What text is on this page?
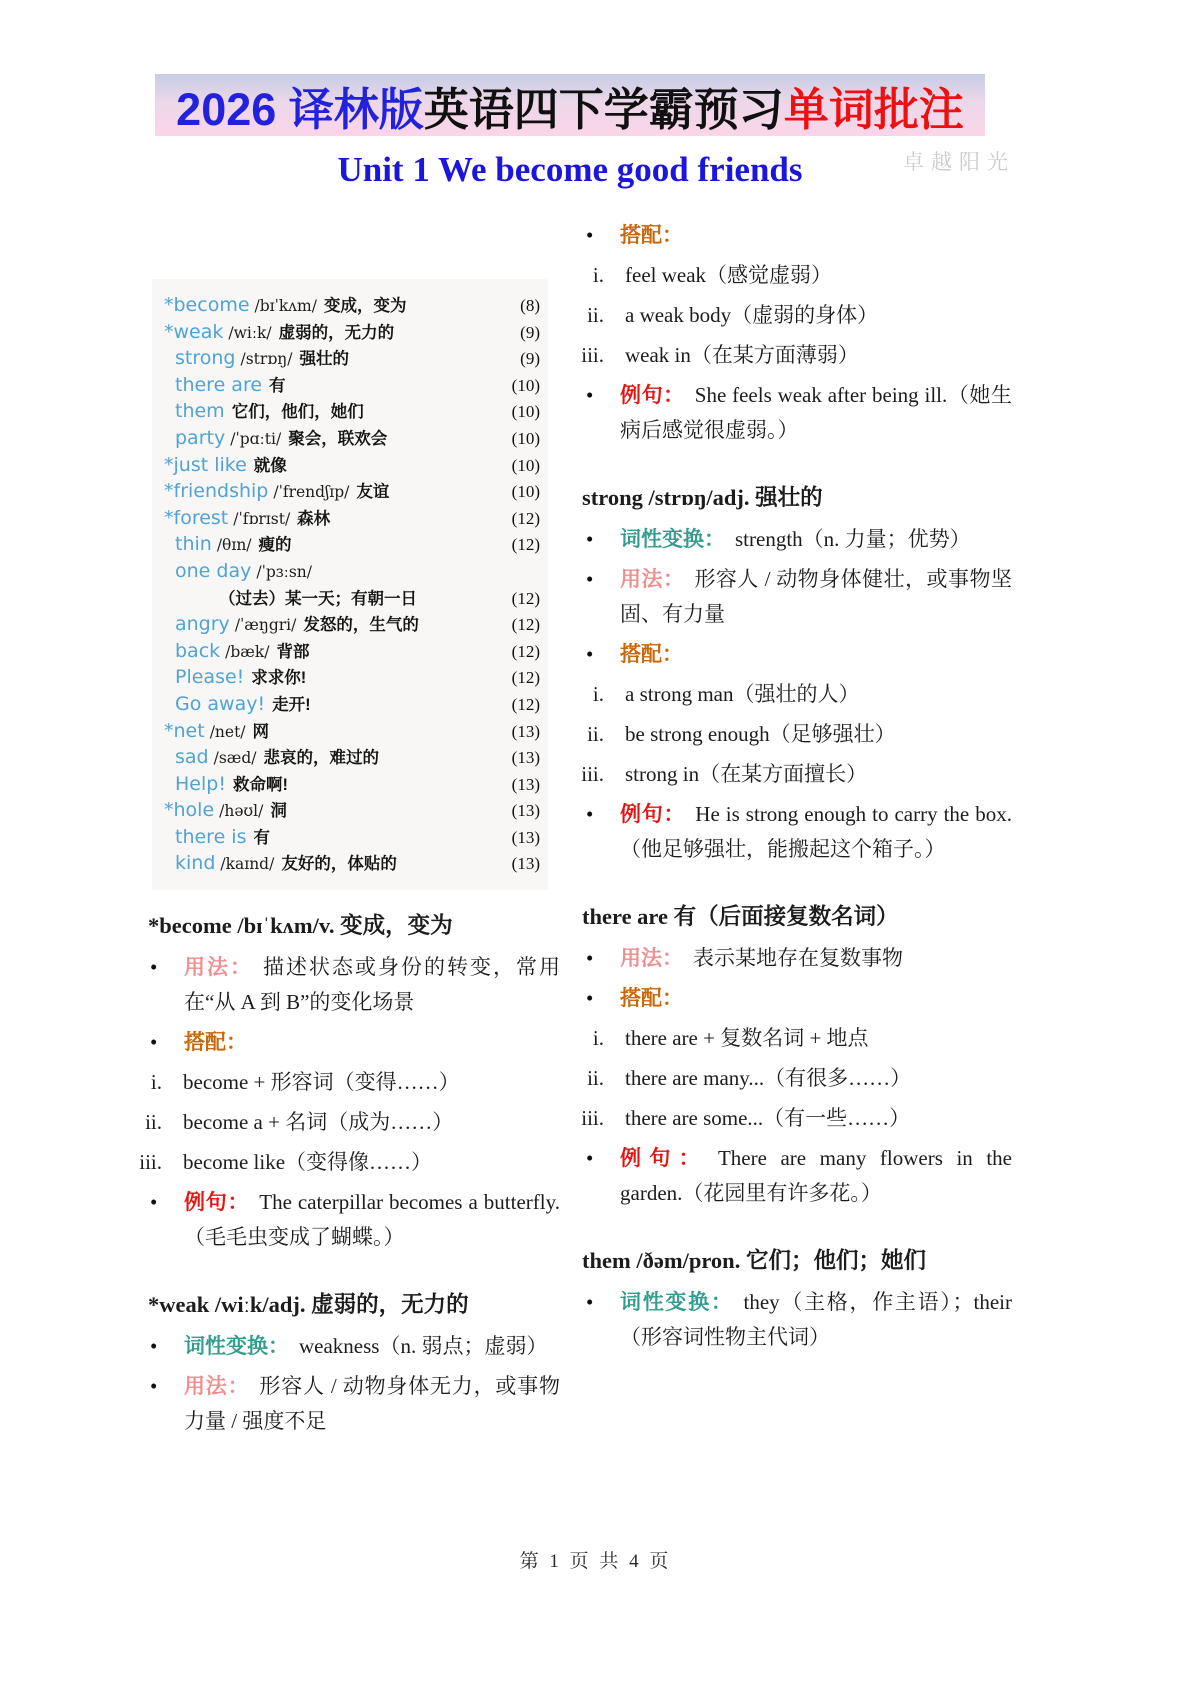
2026 译林版 英语四下学霸预习 单词批注
卓越阳光
Unit 1 We become good friends
*become /bɪˈkʌm/ 变成，变为	(8)
*weak /wiːk/ 虚弱的，无力的	(9)
strong /strɒŋ/ 强壮的	(9)
there are 有	(10)
them 它们，他们，她们	(10)
party /ˈpɑːti/ 聚会，联欢会	(10)
*just like 就像	(10)
*friendship /ˈfrendʃɪp/ 友谊	(10)
*forest /ˈfɒrɪst/ 森林	(12)
thin /θɪn/ 瘦的	(12)
one day /ˈpɜːsn/
（过去）某一天；有朝一日	(12)
angry /ˈæŋgri/ 发怒的，生气的	(12)
back /bæk/ 背部	(12)
Please! 求求你!	(12)
Go away! 走开!	(12)
*net /net/ 网	(13)
sad /sæd/ 悲哀的，难过的	(13)
Help! 救命啊!	(13)
*hole /həʊl/ 洞	(13)
there is 有	(13)
kind /kaɪnd/ 友好的，体贴的	(13)
*become /bɪˈkʌm/v. 变成，变为
•	用法： 描述状态或身份的转变，常用在“从 A 到 B”的变化场景
•	搭配：
i. become + 形容词（变得……）
ii. become a + 名词（成为……）
iii. become like（变得像……）
•	例句： The caterpillar becomes a butterfly.（毛毛虫变成了蝴蝶。）
*weak /wiːk/adj. 虚弱的，无力的
•	词性变换： weakness（n. 弱点；虚弱）
•	用法： 形容人 / 动物身体无力，或事物力量 / 强度不足
•	搭配：
i. feel weak（感觉虚弱）
ii. a weak body（虚弱的身体）
iii. weak in（在某方面薄弱）
•	例句： She feels weak after being ill.（她生病后感觉很虚弱。）
strong /strɒŋ/adj. 强壮的
•	词性变换： strength（n. 力量；优势）
•	用法： 形容人 / 动物身体健壮，或事物坚固、有力量
•	搭配：
i. a strong man（强壮的人）
ii. be strong enough（足够强壮）
iii. strong in（在某方面擅长）
•	例句： He is strong enough to carry the box.（他足够强壮，能搬起这个箱子。）
there are 有（后面接复数名词）
•	用法： 表示某地存在复数事物
•	搭配：
i. there are + 复数名词 + 地点
ii. there are many...（有很多……）
iii. there are some...（有一些……）
•	例句： There are many flowers in the garden.（花园里有许多花。）
them /ðəm/pron. 它们；他们；她们
•	词性变换： they（主格，作主语）；their（形容词性物主代词）
第 1 页 共 4 页
